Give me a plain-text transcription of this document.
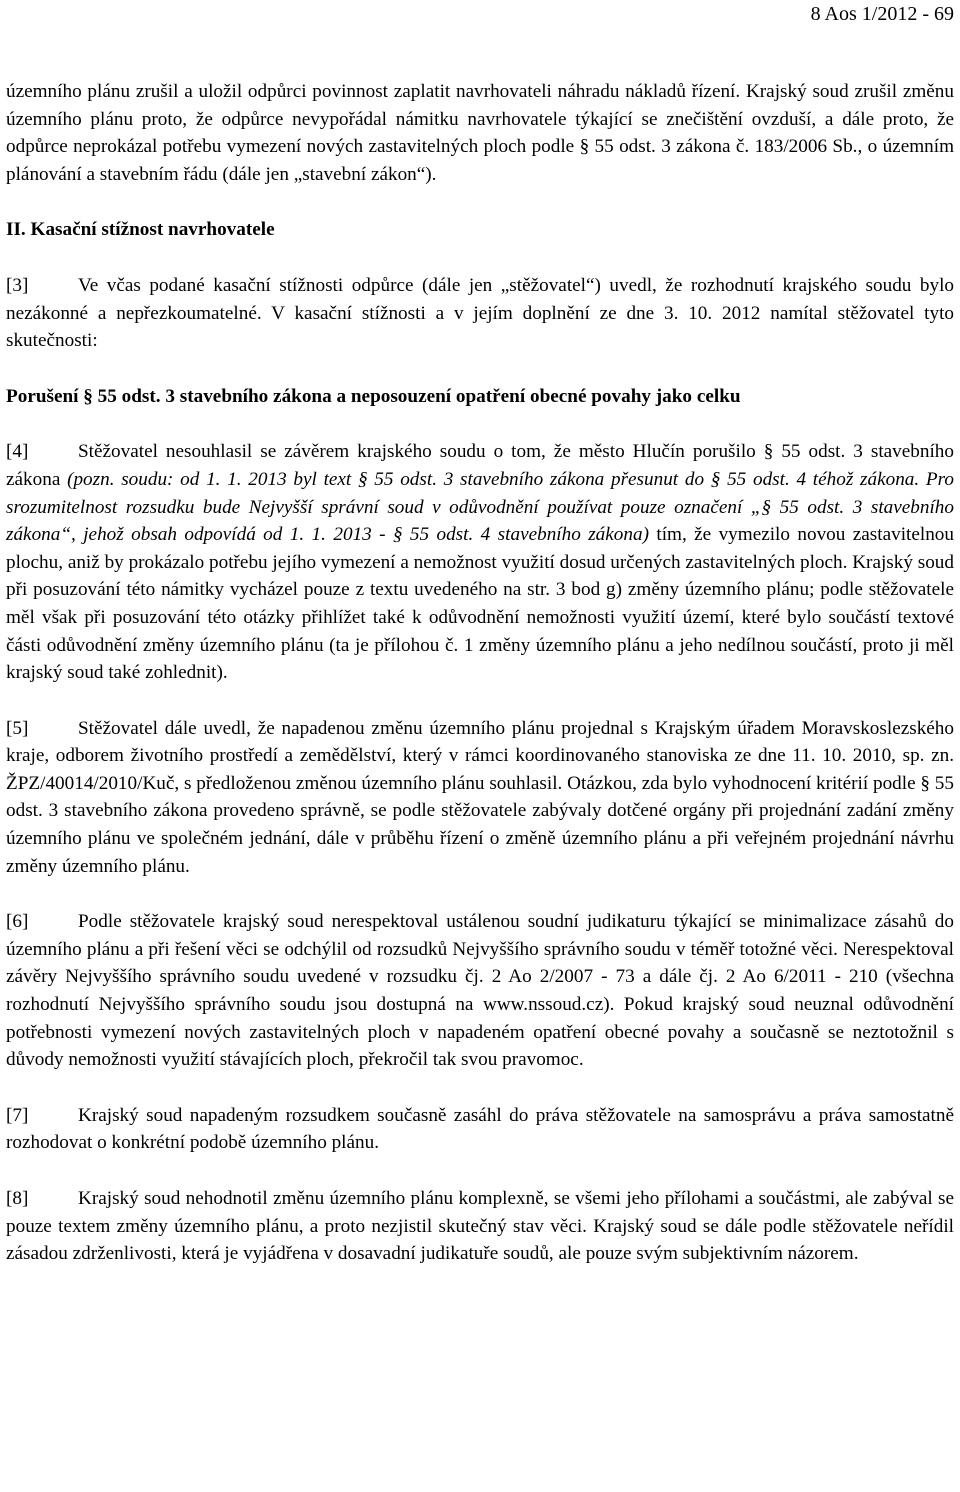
8 Aos 1/2012 - 69

územního plánu zrušil a uložil odpůrci povinnost zaplatit navrhovateli náhradu nákladů řízení. Krajský soud zrušil změnu územního plánu proto, že odpůrce nevypořádal námitku navrhovatele týkající se znečištění ovzduší, a dále proto, že odpůrce neprokázal potřebu vymezení nových zastavitelných ploch podle § 55 odst. 3 zákona č. 183/2006 Sb., o územním plánování a stavebním řádu (dále jen „stavební zákon“).

II. Kasační stížnost navrhovatele

[3]	Ve včas podané kasační stížnosti odpůrce (dále jen „stěžovatel“) uvedl, že rozhodnutí krajského soudu bylo nezákonné a nepřezkoumatelné. V kasační stížnosti a v jejím doplnění ze dne 3. 10. 2012 namítal stěžovatel tyto skutečnosti:

Porušení § 55 odst. 3 stavebního zákona a neposouzení opatření obecné povahy jako celku

[4]	Stěžovatel nesouhlasil se závěrem krajského soudu o tom, že město Hlučín porušilo § 55 odst. 3 stavebního zákona (pozn. soudu: od 1. 1. 2013 byl text § 55 odst. 3 stavebního zákona přesunut do § 55 odst. 4 téhož zákona. Pro srozumitelnost rozsudku bude Nejvyšší správní soud v odůvodnění používat pouze označení „§ 55 odst. 3 stavebního zákona“, jehož obsah odpovídá od 1. 1. 2013 - § 55 odst. 4 stavebního zákona) tím, že vymezilo novou zastavitelnou plochu, aniž by prokázalo potřebu jejího vymezení a nemožnost využití dosud určených zastavitelných ploch. Krajský soud při posuzování této námitky vycházel pouze z textu uvedeného na str. 3 bod g) změny územního plánu; podle stěžovatele měl však při posuzování této otázky přihlížet také k odůvodnění nemožnosti využití území, které bylo součástí textové části odůvodnění změny územního plánu (ta je přílohou č. 1 změny územního plánu a jeho nedílnou součástí, proto ji měl krajský soud také zohlednit).

[5]	Stěžovatel dále uvedl, že napadenou změnu územního plánu projednal s Krajským úřadem Moravskoslezského kraje, odborem životního prostředí a zemědělství, který v rámci koordinovaného stanoviska ze dne 11. 10. 2010, sp. zn. ŽPZ/40014/2010/Kuč, s předloženou změnou územního plánu souhlasil. Otázkou, zda bylo vyhodnocení kritérií podle § 55 odst. 3 stavebního zákona provedeno správně, se podle stěžovatele zabývaly dotčené orgány při projednání zadání změny územního plánu ve společném jednání, dále v průběhu řízení o změně územního plánu a při veřejném projednání návrhu změny územního plánu.

[6]	Podle stěžovatele krajský soud nerespektoval ustálenou soudní judikaturu týkající se minimalizace zásahů do územního plánu a při řešení věci se odchýlil od rozsudků Nejvyššího správního soudu v téměř totožné věci. Nerespektoval závěry Nejvyššího správního soudu uvedené v rozsudku čj. 2 Ao 2/2007 - 73 a dále čj. 2 Ao 6/2011 - 210 (všechna rozhodnutí Nejvyššího správního soudu jsou dostupná na www.nssoud.cz). Pokud krajský soud neuznal odůvodnění potřebnosti vymezení nových zastavitelných ploch v napadeném opatření obecné povahy a současně se neztotožnil s důvody nemožnosti využití stávajících ploch, překročil tak svou pravomoc.

[7]	Krajský soud napadeným rozsudkem současně zasáhl do práva stěžovatele na samosprávu a práva samostatně rozhodovat o konkrétní podobě územního plánu.

[8]	Krajský soud nehodnotil změnu územního plánu komplexně, se všemi jeho přílohami a součástmi, ale zabýval se pouze textem změny územního plánu, a proto nezjistil skutečný stav věci. Krajský soud se dále podle stěžovatele neřídil zásadou zdrženlivosti, která je vyjádřena v dosavadní judikatuře soudů, ale pouze svým subjektivním názorem.
